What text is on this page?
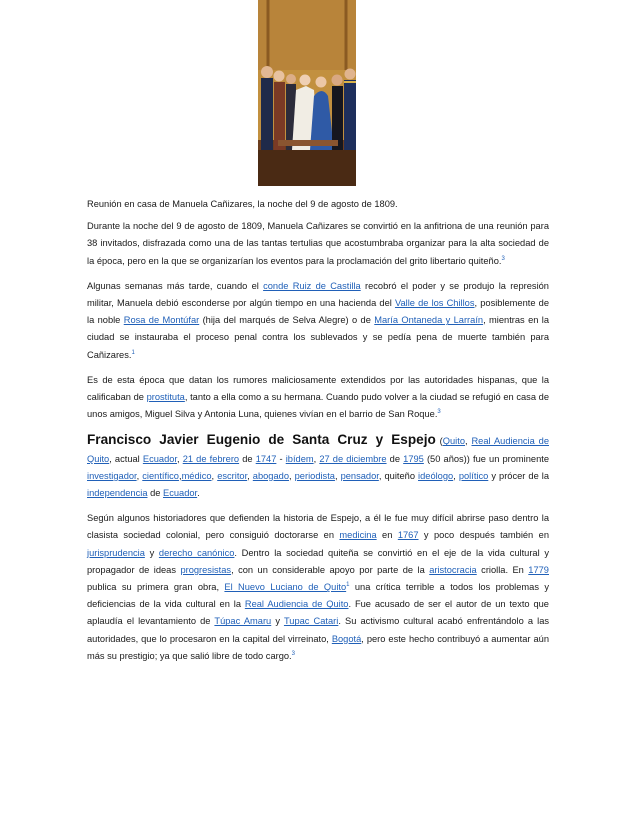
Reunión en casa de Manuela Cañizares, la noche del 9 de agosto de 1809.

Durante la noche del 9 de agosto de 1809, Manuela Cañizares se convirtió en la anfitriona de una reunión para 38 invitados, disfrazada como una de las tantas tertulias que acostumbraba organizar para la alta sociedad de la época, pero en la que se organizarían los eventos para la proclamación del grito libertario quiteño.$^3$

Algunas semanas más tarde, cuando el conde Ruiz de Castilla recobró el poder y se produjo la represión militar, Manuela debió esconderse por algún tiempo en una hacienda del Valle de los Chillos, posiblemente de la noble Rosa de Montúfar (hija del marqués de Selva Alegre) o de María Ontaneda y Larraín, mientras en la ciudad se instauraba el proceso penal contra los sublevados y se pedía pena de muerte también para Cañizares.$^1$

Es de esta época que datan los rumores maliciosamente extendidos por las autoridades hispanas, que la calificaban de prostituta, tanto a ella como a su hermana. Cuando pudo volver a la ciudad se refugió en casa de unos amigos, Miguel Silva y Antonia Luna, quienes vivían en el barrio de San Roque.$^3$

Francisco Javier Eugenio de Santa Cruz y Espejo (Quito, Real Audiencia de Quito, actual Ecuador, 21 de febrero de 1747 - ibídem, 27 de diciembre de 1795 (50 años)) fue un prominente investigador, científico,médico, escritor, abogado, periodista, pensador, quiteño ideólogo, político y prócer de la independencia de Ecuador.

Según algunos historiadores que defienden la historia de Espejo, a él le fue muy difícil abrirse paso dentro la clasista sociedad colonial, pero consiguió doctorarse en medicina en 1767 y poco después también en jurisprudencia y derecho canónico. Dentro la sociedad quiteña se convirtió en el eje de la vida cultural y propagador de ideas progresistas, con un considerable apoyo por parte de la aristocracia criolla. En 1779 publica su primera gran obra, El Nuevo Luciano de Quito$^1$ una crítica terrible a todos los problemas y deficiencias de la vida cultural en la Real Audiencia de Quito. Fue acusado de ser el autor de un texto que aplaudía el levantamiento de Túpac Amaru y Tupac Catari. Su activismo cultural acabó enfrentándolo a las autoridades, que lo procesaron en la capital del virreinato, Bogotá, pero este hecho contribuyó a aumentar aún más su prestigio; ya que salió libre de todo cargo.$^3$
